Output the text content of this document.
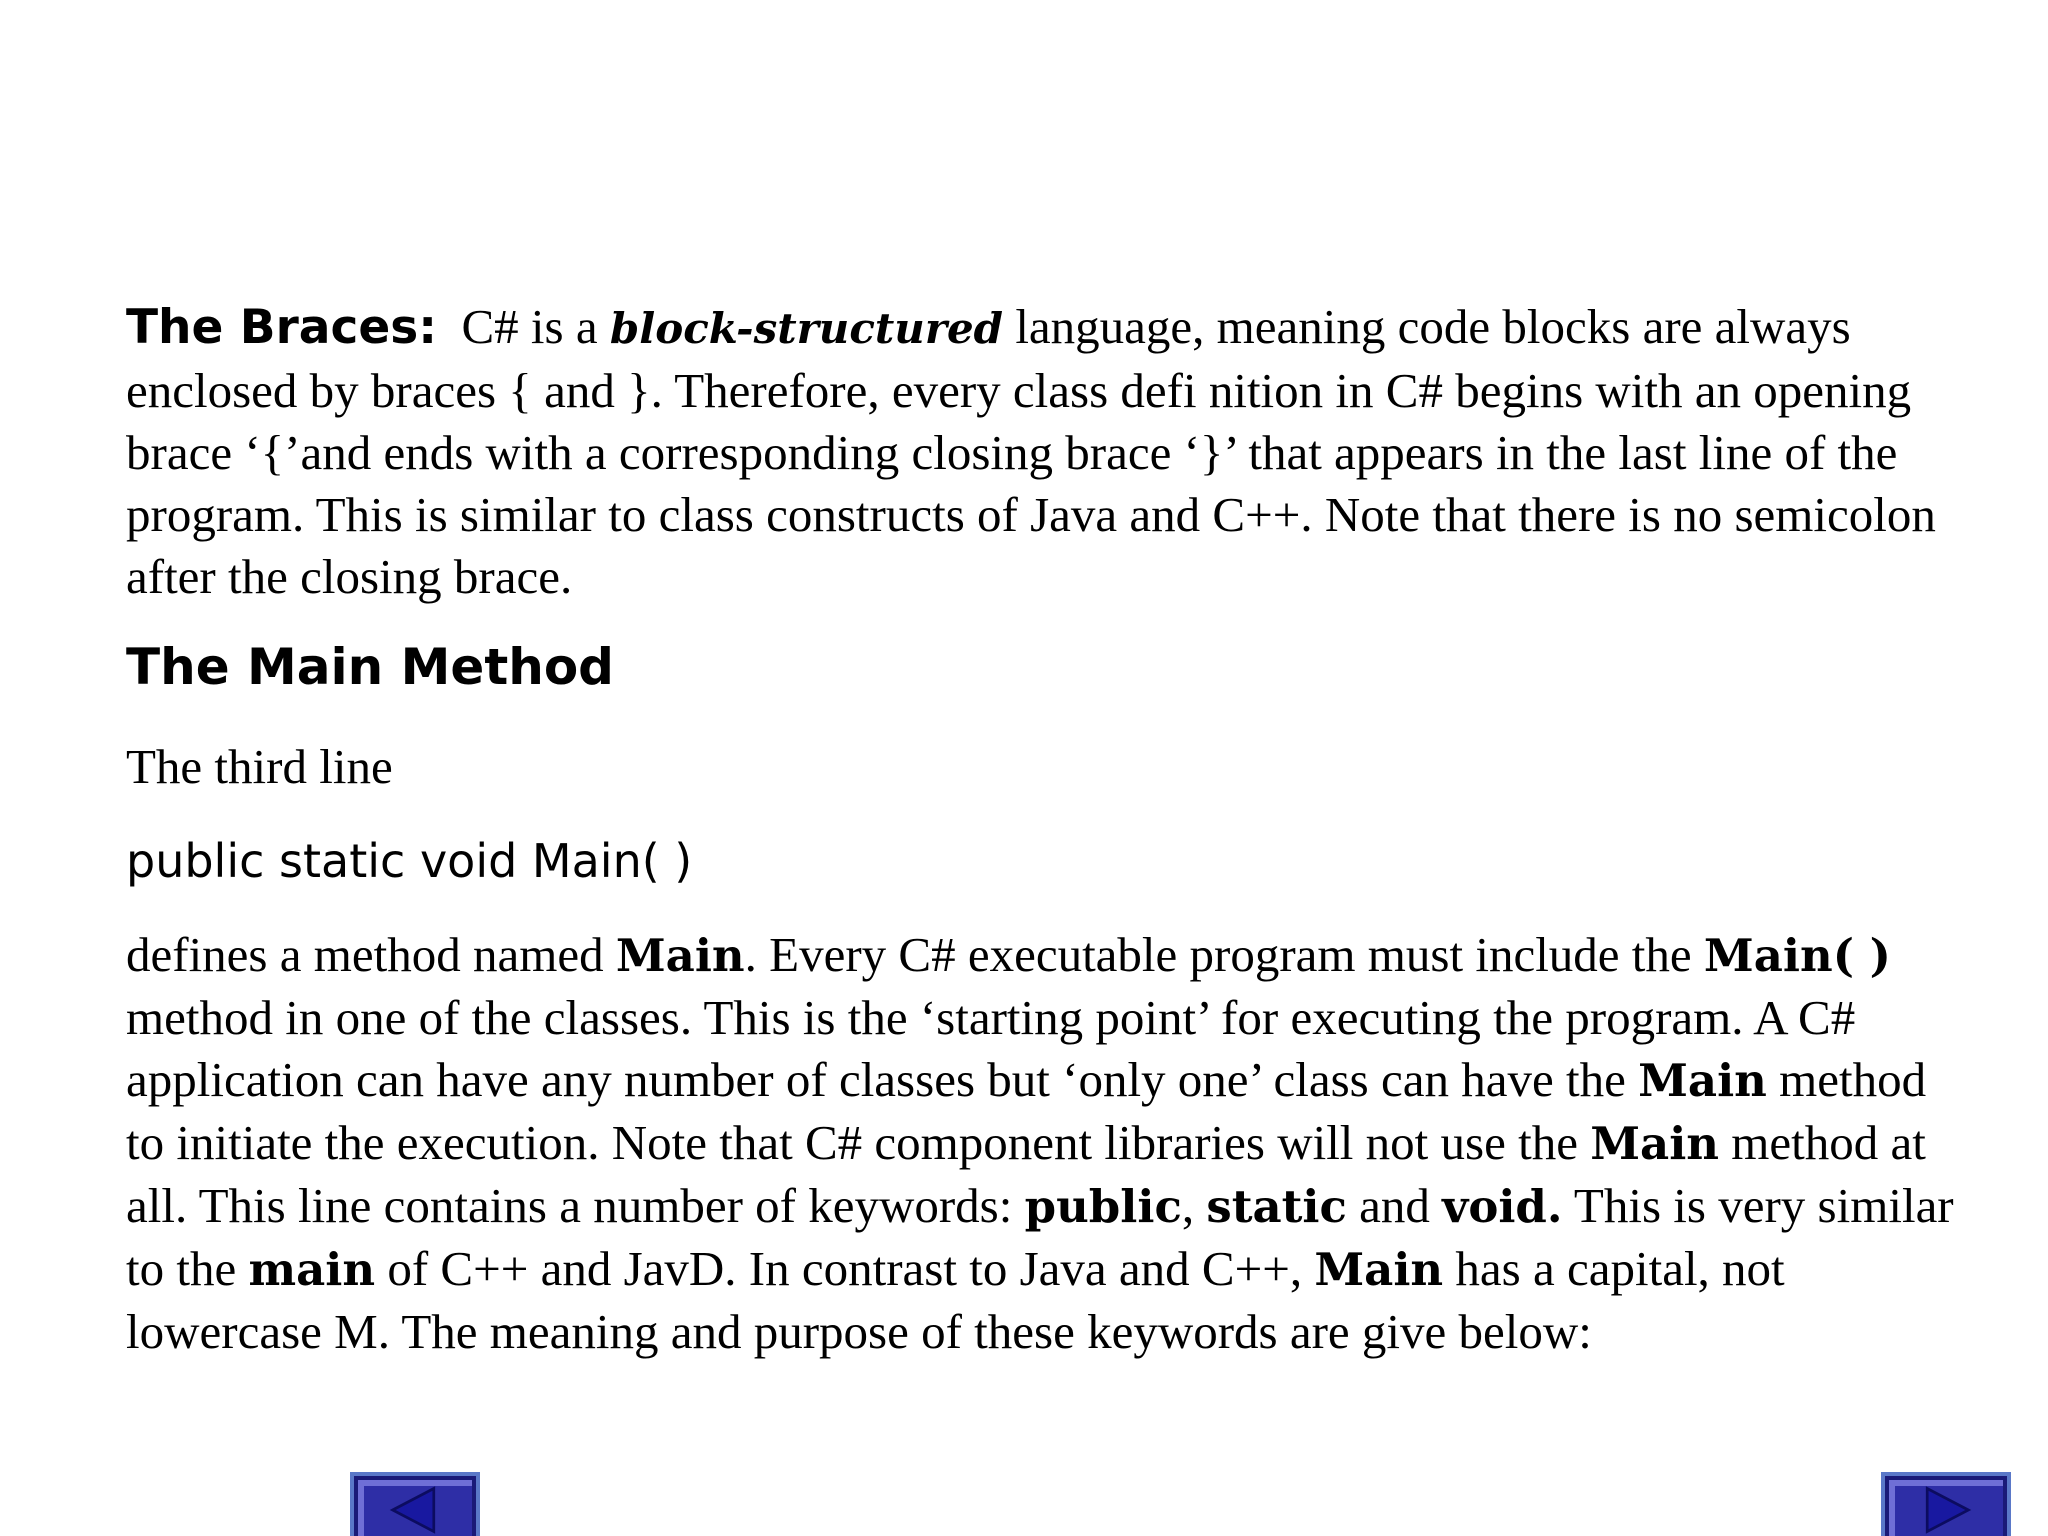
The Braces: C# is a block-structured language, meaning code blocks are always enclosed by braces { and }. Therefore, every class defi nition in C# begins with an opening brace ‘{’and ends with a corresponding closing brace ‘}’ that appears in the last line of the program. This is similar to class constructs of Java and C++. Note that there is no semicolon after the closing brace.

The Main Method

The third line

public static void Main( )

defines a method named Main. Every C# executable program must include the Main( ) method in one of the classes. This is the ‘starting point’ for executing the program. A C# application can have any number of classes but ‘only one’ class can have the Main method to initiate the execution. Note that C# component libraries will not use the Main method at all. This line contains a number of keywords: public, static and void. This is very similar to the main of C++ and JavD. In contrast to Java and C++, Main has a capital, not lowercase M. The meaning and purpose of these keywords are give below:
